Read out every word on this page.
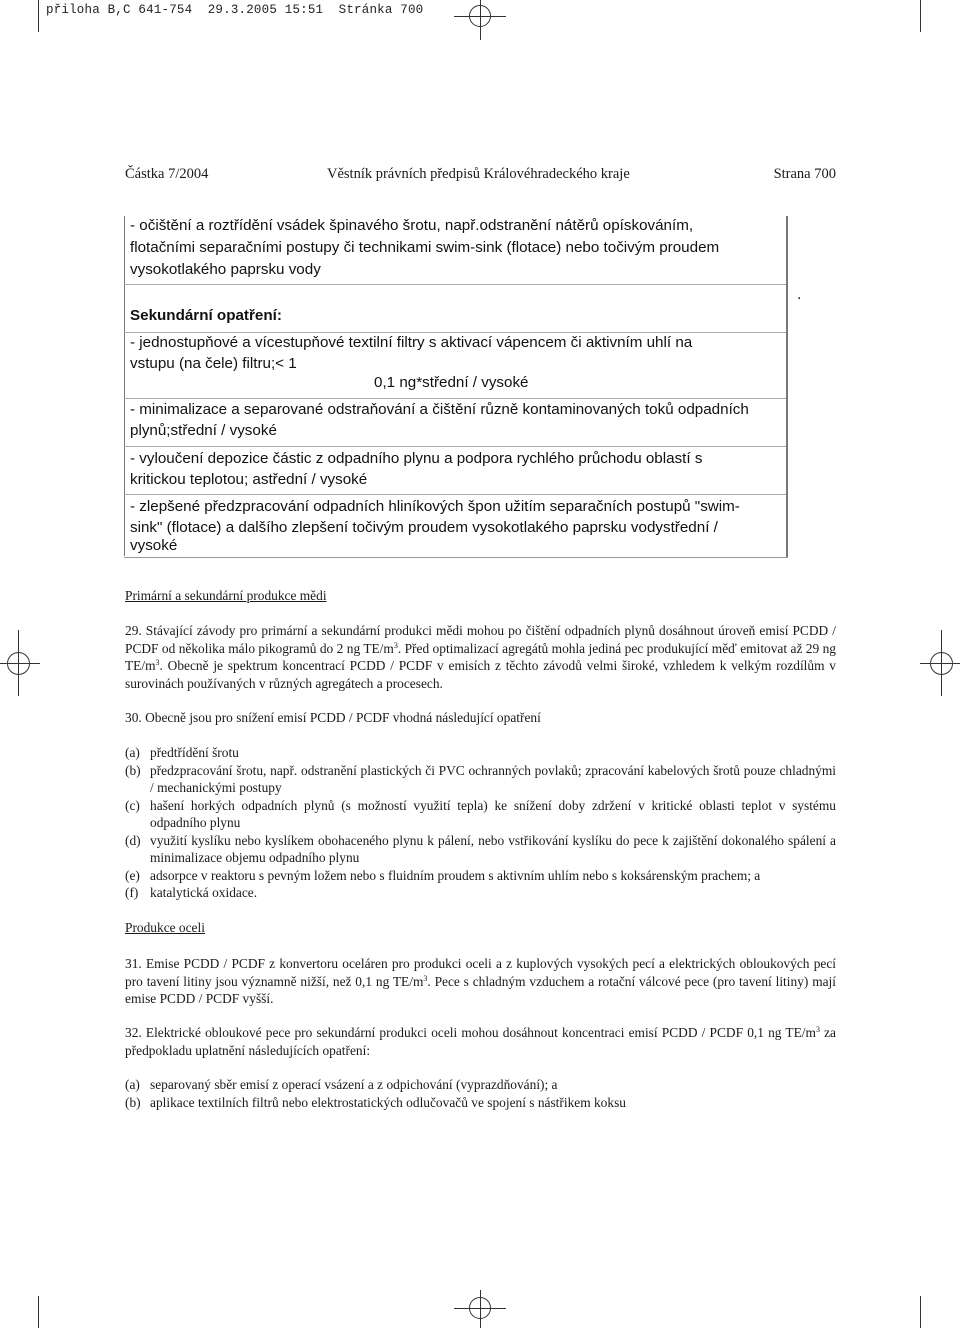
přiloha B,C 641-754  29.3.2005 15:51  Stránka 700
Částka 7/2004	Věstník právních předpisů Královéhradeckého kraje	Strana 700
- očištění a roztřídění vsádek špinavého šrotu, např.odstranění nátěrů opískováním,
flotačními separačními postupy či technikami swim-sink (flotace) nebo točivým proudem
vysokotlakého paprsku vody
Sekundární opatření:
- jednostupňové a vícestupňové textilní filtry s aktivací vápencem či aktivním uhlí na
vstupu (na čele) filtru;< 1
0,1 ng*střední / vysoké
- minimalizace a separované odstraňování a čištění různě kontaminovaných toků odpadních
plynů;střední / vysoké
- vyloučení depozice částic z odpadního plynu a podpora rychlého průchodu oblastí s
kritickou teplotou; astřední / vysoké
- zlepšené předzpracování odpadních hliníkových špon užitím separačních postupů "swim-
sink" (flotace) a dalšího zlepšení točivým proudem vysokotlakého paprsku vodystřední /
vysoké
.
Primární a sekundární produkce mědi
29. Stávající závody pro primární a sekundární produkci mědi mohou po čištění odpadních plynů dosáhnout úroveň emisí PCDD / PCDF od několika málo pikogramů do 2 ng $TE/m^3$. Před optimalizací agregátů mohla jediná pec produkující měď emitovat až 29 ng $TE/m^3$. Obecně je spektrum koncentrací PCDD / PCDF v emisích z těchto závodů velmi široké, vzhledem k velkým rozdílům v surovinách používaných v různých agregátech a procesech.
30. Obecně jsou pro snížení emisí PCDD / PCDF vhodná následující opatření
(a) předtřídění šrotu
(b) předzpracování šrotu, např. odstranění plastických či PVC ochranných povlaků; zpracování kabelových šrotů pouze chladnými / mechanickými postupy
(c) hašení horkých odpadních plynů (s možností využití tepla) ke snížení doby zdržení v kritické oblasti teplot v systému odpadního plynu
(d) využití kyslíku nebo kyslíkem obohaceného plynu k pálení, nebo vstřikování kyslíku do pece k zajištění dokonalého spálení a minimalizace objemu odpadního plynu
(e) adsorpce v reaktoru s pevným ložem nebo s fluidním proudem s aktivním uhlím nebo s koksárenským prachem; a
(f) katalytická oxidace.
Produkce oceli
31. Emise PCDD / PCDF z konvertoru oceláren pro produkci oceli a z kuplových vysokých pecí a elektrických obloukových pecí pro tavení litiny jsou významně nižší, než 0,1 ng $TE/m^3$. Pece s chladným vzduchem a rotační válcové pece (pro tavení litiny) mají emise PCDD / PCDF vyšší.
32. Elektrické obloukové pece pro sekundární produkci oceli mohou dosáhnout koncentraci emisí PCDD / PCDF 0,1 ng $TE/m^3$ za předpokladu uplatnění následujících opatření:
(a) separovaný sběr emisí z operací vsázení a z odpichování (vyprazdňování); a
(b) aplikace textilních filtrů nebo elektrostatických odlučovačů ve spojení s nástřikem koksu
